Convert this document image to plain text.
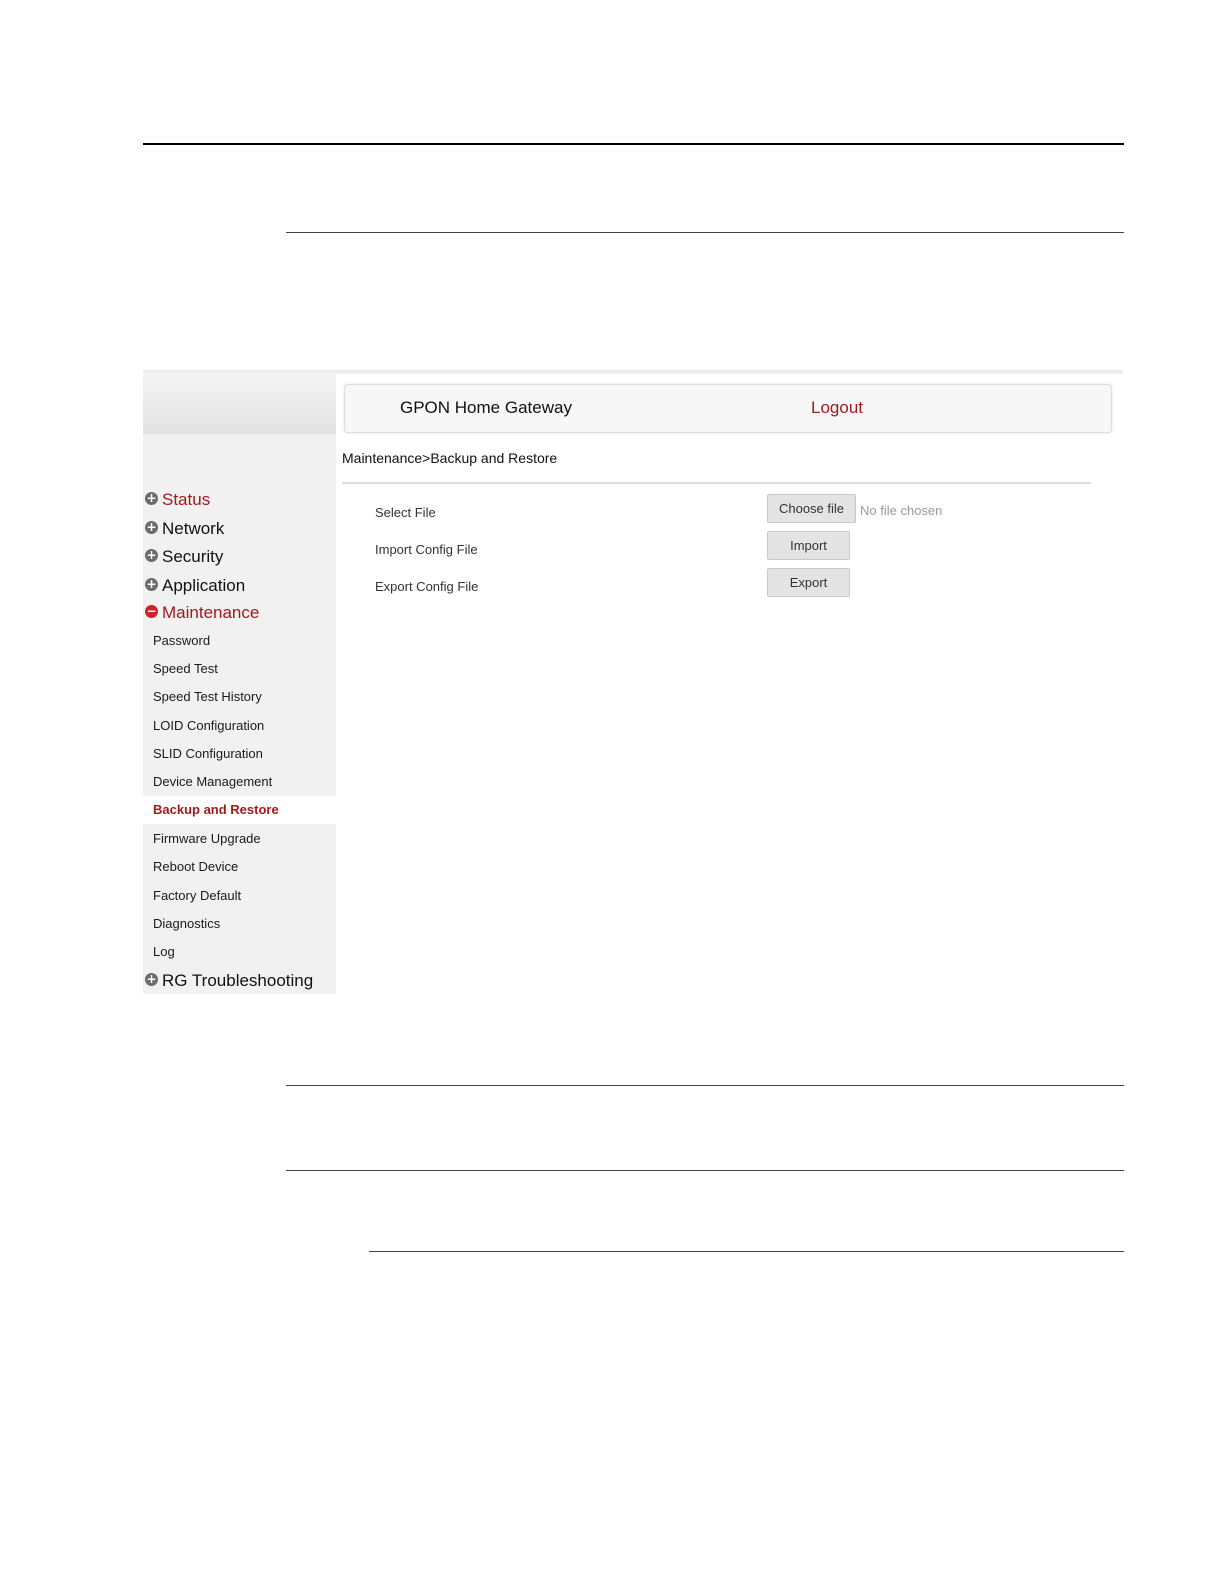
+ Status
+ Network
+ Security
+ Application
− Maintenance
Password
Speed Test
Speed Test History
LOID Configuration
SLID Configuration
Device Management
Backup and Restore
Firmware Upgrade
Reboot Device
Factory Default
Diagnostics
Log
+ RG Troubleshooting
GPON Home Gateway	Logout
Maintenance>Backup and Restore
Select File	Choose file	No file chosen
Import Config File	Import
Export Config File	Export
